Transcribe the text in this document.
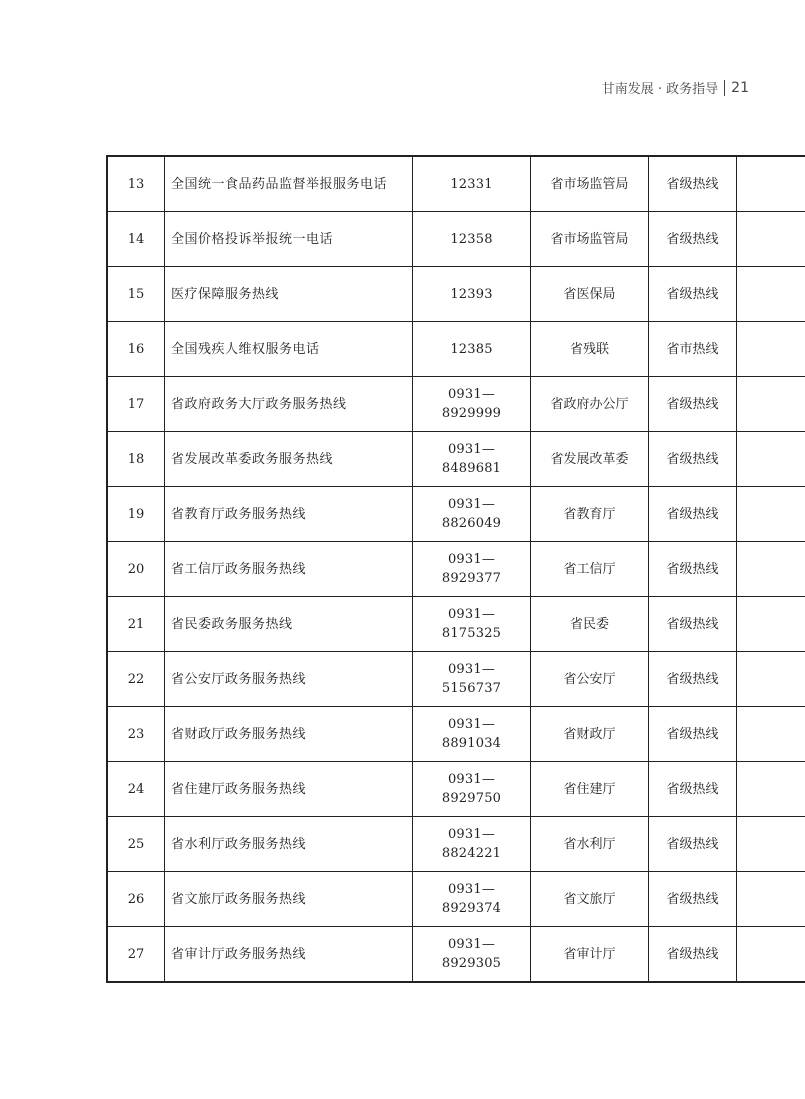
甘南发展 · 政务指导 21
13	全国统一食品药品监督举报服务电话	12331	省市场监管局	省级热线	
14	全国价格投诉举报统一电话	12358	省市场监管局	省级热线	
15	医疗保障服务热线	12393	省医保局	省级热线	
16	全国残疾人维权服务电话	12385	省残联	省市热线	
17	省政府政务大厅政务服务热线	0931—8929999	省政府办公厅	省级热线	
18	省发展改革委政务服务热线	0931—8489681	省发展改革委	省级热线	
19	省教育厅政务服务热线	0931—8826049	省教育厅	省级热线	
20	省工信厅政务服务热线	0931—8929377	省工信厅	省级热线	
21	省民委政务服务热线	0931—8175325	省民委	省级热线	
22	省公安厅政务服务热线	0931—5156737	省公安厅	省级热线	
23	省财政厅政务服务热线	0931—8891034	省财政厅	省级热线	
24	省住建厅政务服务热线	0931—8929750	省住建厅	省级热线	
25	省水利厅政务服务热线	0931—8824221	省水利厅	省级热线	
26	省文旅厅政务服务热线	0931—8929374	省文旅厅	省级热线	
27	省审计厅政务服务热线	0931—8929305	省审计厅	省级热线	
